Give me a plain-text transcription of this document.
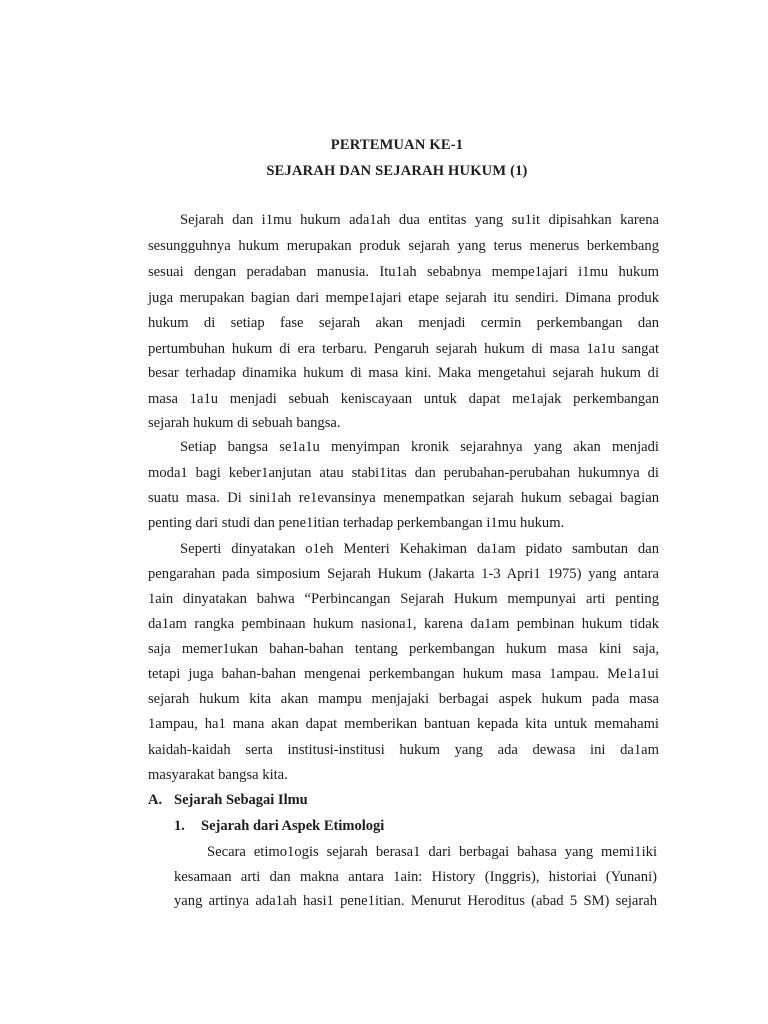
PERTEMUAN KE-1
SEJARAH DAN SEJARAH HUKUM (1)
Sejarah dan i1mu hukum ada1ah dua entitas yang su1it dipisahkan karena
sesungguhnya hukum merupakan produk sejarah yang terus menerus berkembang
sesuai dengan peradaban manusia. Itu1ah sebabnya mempe1ajari i1mu hukum
juga merupakan bagian dari mempe1ajari etape sejarah itu sendiri. Dimana produk
hukum di setiap fase sejarah akan menjadi cermin perkembangan dan
pertumbuhan hukum di era terbaru. Pengaruh sejarah hukum di masa 1a1u sangat
besar terhadap dinamika hukum di masa kini. Maka mengetahui sejarah hukum di
masa 1a1u menjadi sebuah keniscayaan untuk dapat me1ajak perkembangan
sejarah hukum di sebuah bangsa.
Setiap bangsa se1a1u menyimpan kronik sejarahnya yang akan menjadi
moda1 bagi keber1anjutan atau stabi1itas dan perubahan-perubahan hukumnya di
suatu masa. Di sini1ah re1evansinya menempatkan sejarah hukum sebagai bagian
penting dari studi dan pene1itian terhadap perkembangan i1mu hukum.
Seperti dinyatakan o1eh Menteri Kehakiman da1am pidato sambutan dan
pengarahan pada simposium Sejarah Hukum (Jakarta 1-3 Apri1 1975) yang antara
1ain dinyatakan bahwa “Perbincangan Sejarah Hukum mempunyai arti penting
da1am rangka pembinaan hukum nasiona1, karena da1am pembinan hukum tidak
saja memer1ukan bahan-bahan tentang perkembangan hukum masa kini saja,
tetapi juga bahan-bahan mengenai perkembangan hukum masa 1ampau. Me1a1ui
sejarah hukum kita akan mampu menjajaki berbagai aspek hukum pada masa
1ampau, ha1 mana akan dapat memberikan bantuan kepada kita untuk memahami
kaidah-kaidah serta institusi-institusi hukum yang ada dewasa ini da1am
masyarakat bangsa kita.
A. Sejarah Sebagai Ilmu
1. Sejarah dari Aspek Etimologi
Secara etimo1ogis sejarah berasa1 dari berbagai bahasa yang memi1iki
kesamaan arti dan makna antara 1ain: History (Inggris), historiai (Yunani)
yang artinya ada1ah hasi1 pene1itian. Menurut Heroditus (abad 5 SM) sejarah
